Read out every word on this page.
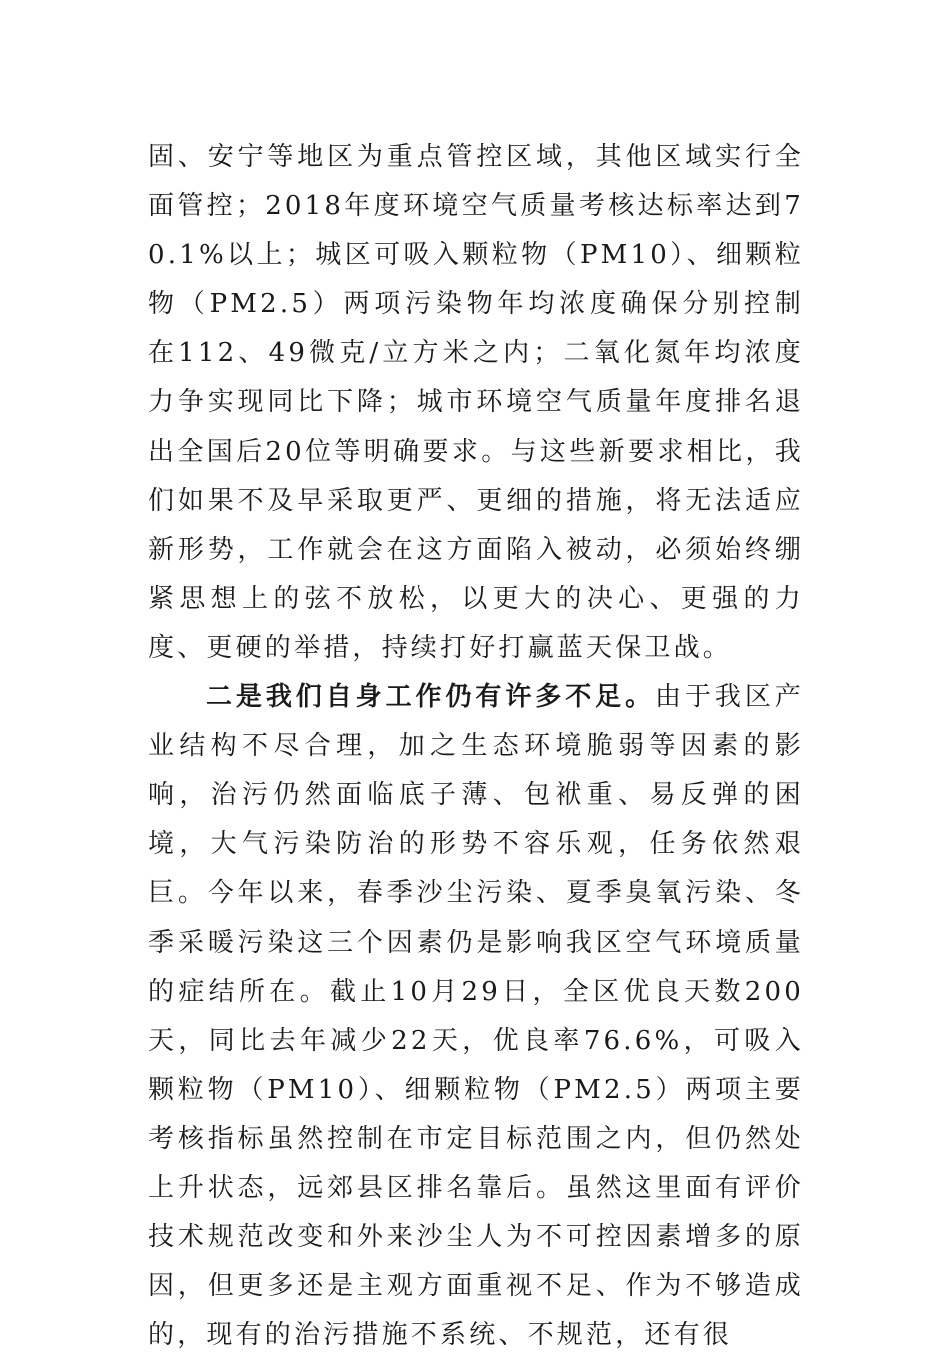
固、安宁等地区为重点管控区域，其他区域实行全面管控；2018年度环境空气质量考核达标率达到70.1%以上；城区可吸入颗粒物（PM10）、细颗粒物（PM2.5）两项污染物年均浓度确保分别控制在112、49微克/立方米之内；二氧化氮年均浓度力争实现同比下降；城市环境空气质量年度排名退出全国后20位等明确要求。与这些新要求相比，我们如果不及早采取更严、更细的措施，将无法适应新形势，工作就会在这方面陷入被动，必须始终绷紧思想上的弦不放松，以更大的决心、更强的力度、更硬的举措，持续打好打赢蓝天保卫战。

二是我们自身工作仍有许多不足。由于我区产业结构不尽合理，加之生态环境脆弱等因素的影响，治污仍然面临底子薄、包袱重、易反弹的困境，大气污染防治的形势不容乐观，任务依然艰巨。今年以来，春季沙尘污染、夏季臭氧污染、冬季采暖污染这三个因素仍是影响我区空气环境质量的症结所在。截止10月29日，全区优良天数200天，同比去年减少22天，优良率76.6%，可吸入颗粒物（PM10）、细颗粒物（PM2.5）两项主要考核指标虽然控制在市定目标范围之内，但仍然处上升状态，远郊县区排名靠后。虽然这里面有评价技术规范改变和外来沙尘人为不可控因素增多的原因，但更多还是主观方面重视不足、作为不够造成的，现有的治污措施不系统、不规范，还有很
